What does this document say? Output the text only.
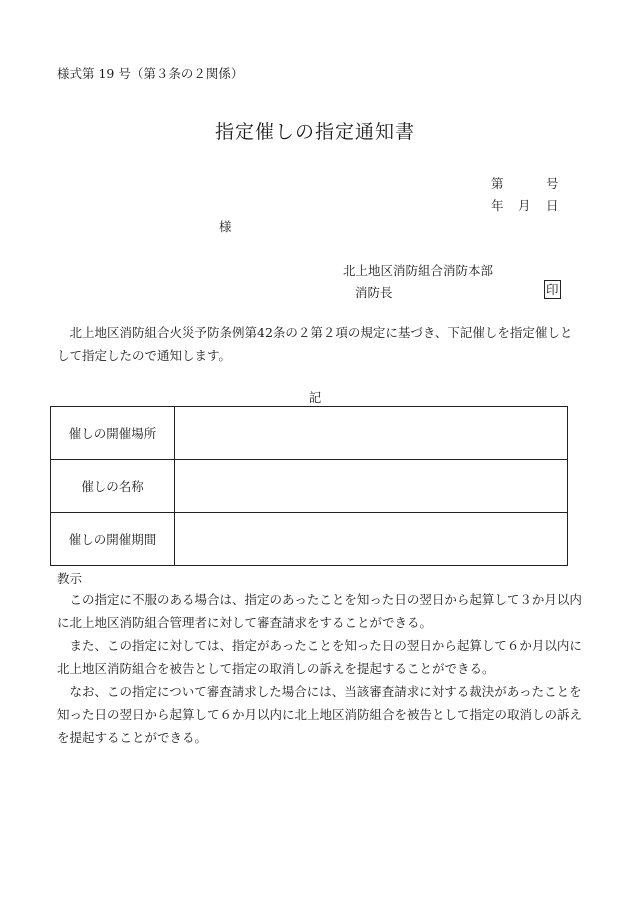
様式第 19 号（第３条の２関係）
指定催しの指定通知書
第	号
年 月 日
様
北上地区消防組合消防本部
消防長	印

北上地区消防組合火災予防条例第42条の２第２項の規定に基づき、下記催しを指定催しとして指定したので通知します。

記
催しの開催場所	
催しの名称	
催しの開催期間	
教示

この指定に不服のある場合は、指定のあったことを知った日の翌日から起算して３か月以内に北上地区消防組合管理者に対して審査請求をすることができる。

また、この指定に対しては、指定があったことを知った日の翌日から起算して６か月以内に北上地区消防組合を被告として指定の取消しの訴えを提起することができる。

なお、この指定について審査請求した場合には、当該審査請求に対する裁決があったことを知った日の翌日から起算して６か月以内に北上地区消防組合を被告として指定の取消しの訴えを提起することができる。
